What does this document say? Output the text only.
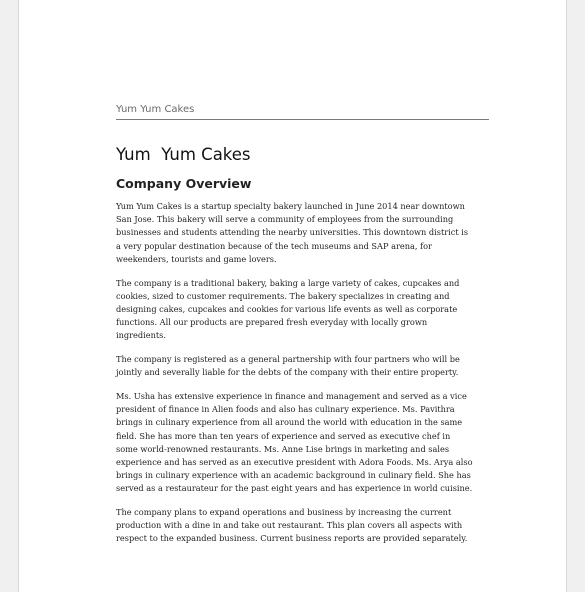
Yum Yum Cakes
Yum  Yum Cakes
Company Overview

Yum Yum Cakes is a startup specialty bakery launched in June 2014 near downtown San Jose. This bakery will serve a community of employees from the surrounding businesses and students attending the nearby universities. This downtown district is a very popular destination because of the tech museums and SAP arena, for weekenders, tourists and game lovers.

The company is a traditional bakery, baking a large variety of cakes, cupcakes and cookies, sized to customer requirements. The bakery specializes in creating and designing cakes, cupcakes and cookies for various life events as well as corporate functions. All our products are prepared fresh everyday with locally grown ingredients.

The company is registered as a general partnership with four partners who will be jointly and severally liable for the debts of the company with their entire property.

Ms. Usha has extensive experience in finance and management and served as a vice president of finance in Alien foods and also has culinary experience. Ms. Pavithra brings in culinary experience from all around the world with education in the same field. She has more than ten years of experience and served as executive chef in some world-renowned restaurants. Ms. Anne Lise brings in marketing and sales experience and has served as an executive president with Adora Foods. Ms. Arya also brings in culinary experience with an academic background in culinary field. She has served as a restaurateur for the past eight years and has experience in world cuisine.

The company plans to expand operations and business by increasing the current production with a dine in and take out restaurant. This plan covers all aspects with respect to the expanded business. Current business reports are provided separately.
